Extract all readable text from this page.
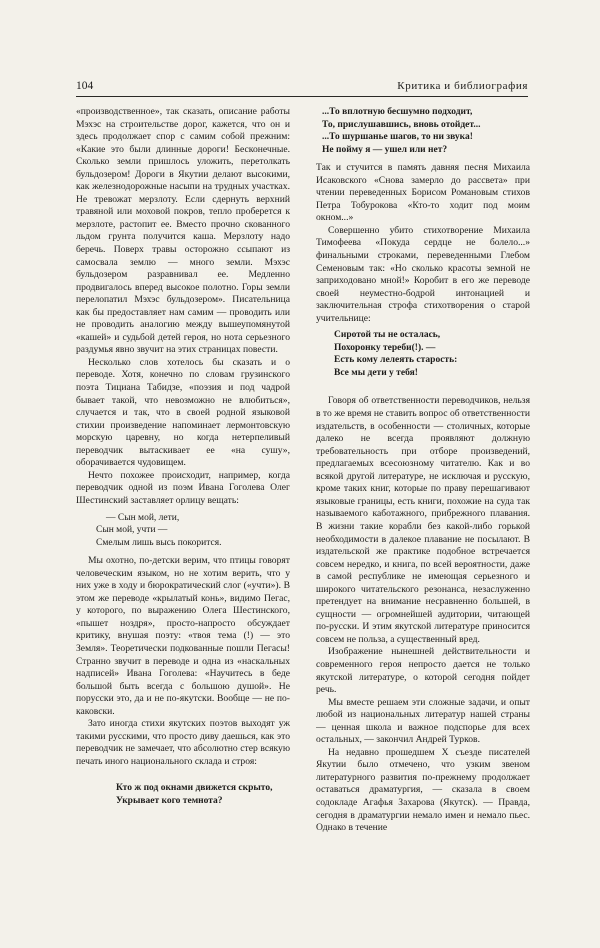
104	Критика и библиография

«производственное», так сказать, описание работы Мэхэс на строительстве дорог, кажется, что он и здесь продолжает спор с самим собой прежним: «Какие это были длинные дороги! Бесконечные. Сколько земли пришлось уложить, перетолкать бульдозером! Дороги в Якутии делают высокими, как железнодорожные насыпи на трудных участках. Не тревожат мерзлоту. Если сдернуть верхний травяной или моховой покров, тепло проберется к мерзлоте, растопит ее. Вместо прочно скованного льдом грунта получится каша. Мерзлоту надо беречь. Поверх травы осторожно ссыпают из самосвала землю — много земли. Мэхэс бульдозером разравнивал ее. Медленно продвигалось вперед высокое полотно. Горы земли перелопатил Мэхэс бульдозером». Писательница как бы предоставляет нам самим — проводить или не проводить аналогию между вышеупомянутой «кашей» и судьбой детей героя, но нота серьезного раздумья явно звучит на этих страницах повести.

Несколько слов хотелось бы сказать и о переводе. Хотя, конечно по словам грузинского поэта Тициана Табидзе, «поэзия и под чадрой бывает такой, что невозможно не влюбиться», случается и так, что в своей родной языковой стихии произведение напоминает лермонтовскую морскую царевну, но когда нетерпеливый переводчик вытаскивает ее «на сушу», оборачивается чудовищем.

Нечто похожее происходит, например, когда переводчик одной из поэм Ивана Гоголева Олег Шестинский заставляет орлицу вещать:

— Сын мой, лети,
Сын мой, учти —
Смелым лишь высь покорится.

Мы охотно, по-детски верим, что птицы говорят человеческим языком, но не хотим верить, что у них уже в ходу и бюрократический слог («учти»). В этом же переводе «крылатый конь», видимо Пегас, у которого, по выражению Олега Шестинского, «пышет ноздря», просто-напросто обсуждает критику, внушая поэту: «твоя тема (!) — это Земля». Теоретически подкованные пошли Пегасы! Странно звучит в переводе и одна из «наскальных надписей» Ивана Гоголева: «Научитесь в беде большой быть всегда с большою душой». Не порусски это, да и не по-якутски. Вообще — не по-каковски.

Зато иногда стихи якутских поэтов выходят уж такими русскими, что просто диву даешься, как это переводчик не замечает, что абсолютно стер всякую печать иного национального склада и строя:

Кто ж под окнами движется скрыто,
Укрывает кого темнота?
...То вплотную бесшумно подходит,
То, прислушавшись, вновь отойдет...
...То шуршанье шагов, то ни звука!
Не пойму я — ушел или нет?

Так и стучится в память давняя песня Михаила Исаковского «Снова замерло до рассвета» при чтении переведенных Борисом Романовым стихов Петра Тобурокова «Кто-то ходит под моим окном...»

Совершенно убито стихотворение Михаила Тимофеева «Покуда сердце не болело...» финальными строками, переведенными Глебом Семеновым так: «Но сколько красоты земной не заприходовано мной!» Коробит в его же переводе своей неуместно-бодрой интонацией и заключительная строфа стихотворения о старой учительнице:

Сиротой ты не осталась,
Похоронку тереби(!). —
Есть кому лелеять старость:
Все мы дети у тебя!

Говоря об ответственности переводчиков, нельзя в то же время не ставить вопрос об ответственности издательств, в особенности — столичных, которые далеко не всегда проявляют должную требовательность при отборе произведений, предлагаемых всесоюзному читателю. Как и во всякой другой литературе, не исключая и русскую, кроме таких книг, которые по праву перешагивают языковые границы, есть книги, похожие на суда так называемого каботажного, прибрежного плавания. В жизни такие корабли без какой-либо горькой необходимости в далекое плавание не посылают. В издательской же практике подобное встречается совсем нередко, и книга, по всей вероятности, даже в самой республике не имеющая серьезного и широкого читательского резонанса, незаслуженно претендует на внимание несравненно большей, в сущности — огромнейшей аудитории, читающей по-русски. И этим якутской литературе приносится совсем не польза, а существенный вред.

Изображение нынешней действительности и современного героя непросто дается не только якутской литературе, о которой сегодня пойдет речь.

Мы вместе решаем эти сложные задачи, и опыт любой из национальных литератур нашей страны — ценная школа и важное подспорье для всех остальных, — закончил Андрей Турков.

На недавно прошедшем X съезде писателей Якутии было отмечено, что узким звеном литературного развития по-прежнему продолжает оставаться драматургия, — сказала в своем содокладе Агафья Захарова (Якутск). — Правда, сегодня в драматургии немало имен и немало пьес. Однако в течение
